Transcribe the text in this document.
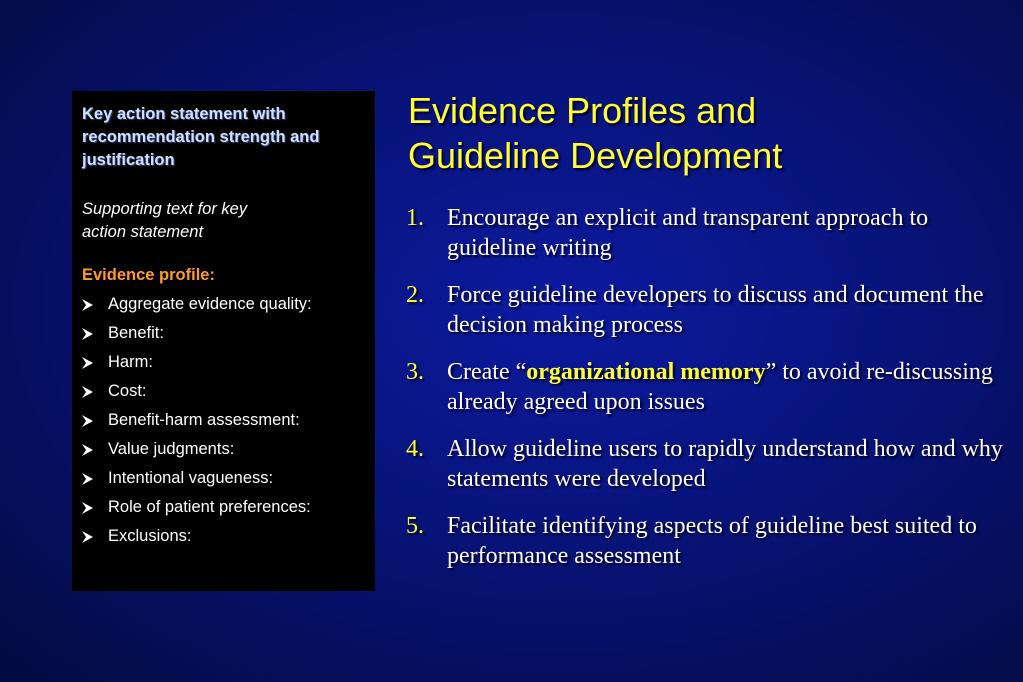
Key action statement with recommendation strength and justification

Supporting text for key
action statement

Evidence profile:

Aggregate evidence quality:
Benefit:
Harm:
Cost:
Benefit-harm assessment:
Value judgments:
Intentional vagueness:
Role of patient preferences:
Exclusions:
Evidence Profiles and
Guideline Development
1. Encourage an explicit and transparent approach to guideline writing
2. Force guideline developers to discuss and document the decision making process
3. Create “organizational memory” to avoid re-discussing already agreed upon issues
4. Allow guideline users to rapidly understand how and why statements were developed
5. Facilitate identifying aspects of guideline best suited to performance assessment
